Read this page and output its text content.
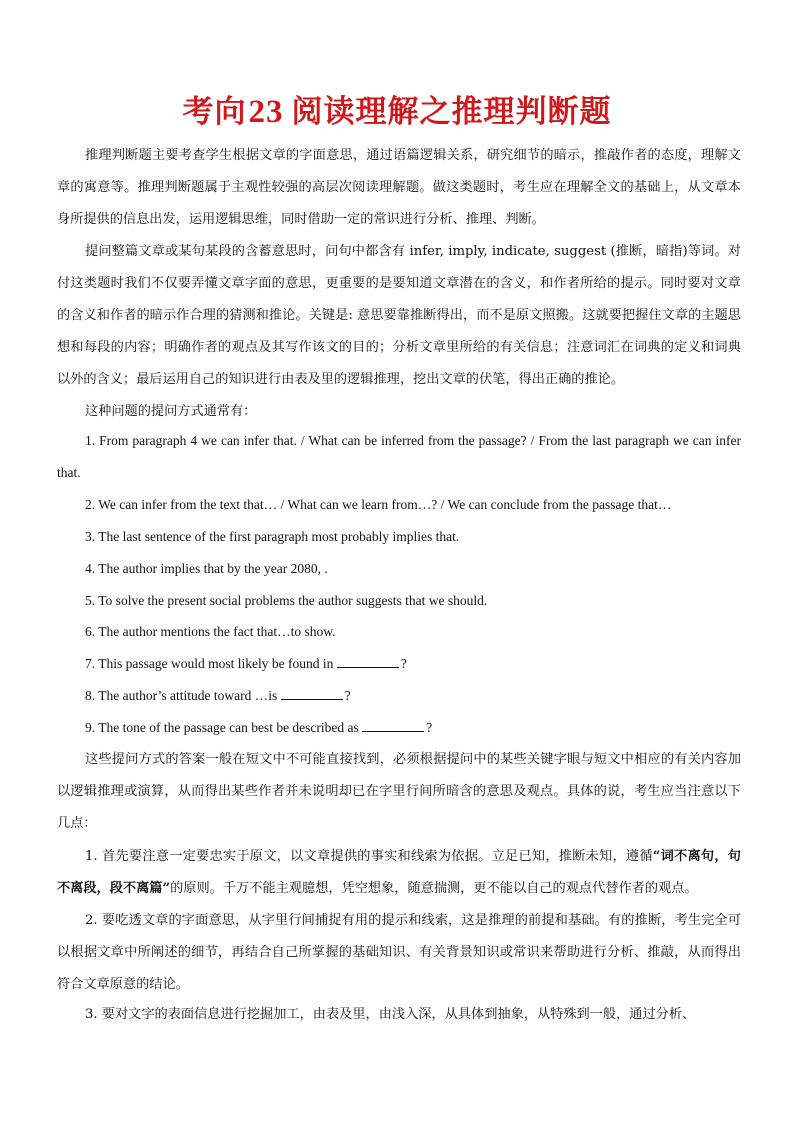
考向23 阅读理解之推理判断题
推理判断题主要考查学生根据文章的字面意思，通过语篇逻辑关系，研究细节的暗示，推敲作者的态度，理解文章的寓意等。推理判断题属于主观性较强的高层次阅读理解题。做这类题时，考生应在理解全文的基础上，从文章本身所提供的信息出发，运用逻辑思维，同时借助一定的常识进行分析、推理、判断。
提问整篇文章或某句某段的含蓄意思时，问句中都含有 infer, imply, indicate, suggest (推断，暗指)等词。对付这类题时我们不仅要弄懂文章字面的意思，更重要的是要知道文章潜在的含义，和作者所给的提示。同时要对文章的含义和作者的暗示作合理的猜测和推论。关键是: 意思要靠推断得出，而不是原文照搬。这就要把握住文章的主题思想和每段的内容；明确作者的观点及其写作该文的目的；分析文章里所给的有关信息；注意词汇在词典的定义和词典以外的含义；最后运用自己的知识进行由表及里的逻辑推理，挖出文章的伏笔，得出正确的推论。
这种问题的提问方式通常有：
1. From paragraph 4 we can infer that. / What can be inferred from the passage? / From the last paragraph we can infer that.
2. We can infer from the text that… / What can we learn from…? / We can conclude from the passage that…
3. The last sentence of the first paragraph most probably implies that.
4. The author implies that by the year 2080, .
5. To solve the present social problems the author suggests that we should.
6. The author mentions the fact that…to show.
7. This passage would most likely be found in	?
8. The author’s attitude toward …is	?
9. The tone of the passage can best be described as	?
这些提问方式的答案一般在短文中不可能直接找到，必须根据提问中的某些关键字眼与短文中相应的有关内容加以逻辑推理或演算，从而得出某些作者并未说明却已在字里行间所暗含的意思及观点。具体的说，考生应当注意以下几点：
1. 首先要注意一定要忠实于原文，以文章提供的事实和线索为依据。立足已知，推断未知，遵循“词不离句，句不离段，段不离篇”的原则。千万不能主观臆想，凭空想象，随意揣测，更不能以自己的观点代替作者的观点。
2. 要吃透文章的字面意思，从字里行间捕捉有用的提示和线索，这是推理的前提和基础。有的推断，考生完全可以根据文章中所阐述的细节，再结合自己所掌握的基础知识、有关背景知识或常识来帮助进行分析、推敲，从而得出符合文章原意的结论。
3. 要对文字的表面信息进行挖掘加工，由表及里，由浅入深，从具体到抽象，从特殊到一般，通过分析、
